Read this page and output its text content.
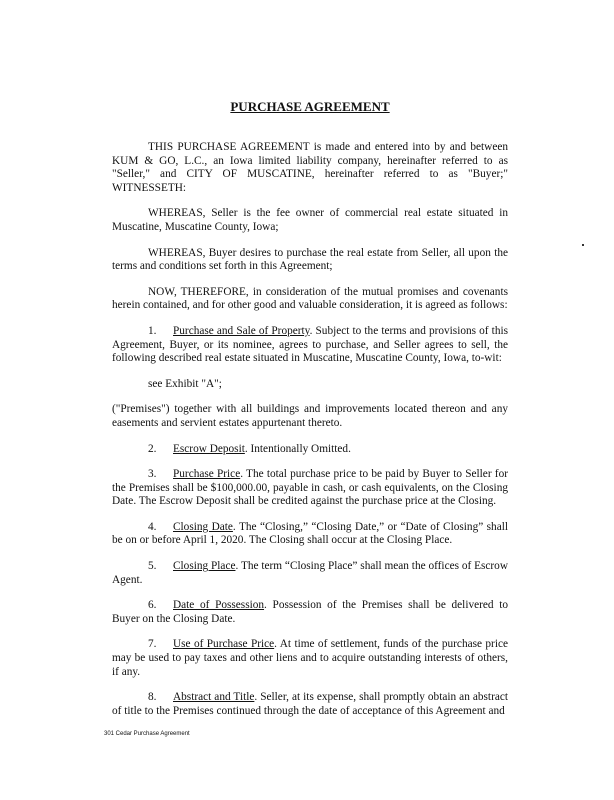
PURCHASE AGREEMENT
THIS PURCHASE AGREEMENT is made and entered into by and between KUM & GO, L.C., an Iowa limited liability company, hereinafter referred to as "Seller," and CITY OF MUSCATINE, hereinafter referred to as "Buyer;" WITNESSETH:
WHEREAS, Seller is the fee owner of commercial real estate situated in Muscatine, Muscatine County, Iowa;
WHEREAS, Buyer desires to purchase the real estate from Seller, all upon the terms and conditions set forth in this Agreement;
NOW, THEREFORE, in consideration of the mutual promises and covenants herein contained, and for other good and valuable consideration, it is agreed as follows:
1. Purchase and Sale of Property. Subject to the terms and provisions of this Agreement, Buyer, or its nominee, agrees to purchase, and Seller agrees to sell, the following described real estate situated in Muscatine, Muscatine County, Iowa, to-wit:
see Exhibit "A";
("Premises") together with all buildings and improvements located thereon and any easements and servient estates appurtenant thereto.
2. Escrow Deposit. Intentionally Omitted.
3. Purchase Price. The total purchase price to be paid by Buyer to Seller for the Premises shall be $100,000.00, payable in cash, or cash equivalents, on the Closing Date. The Escrow Deposit shall be credited against the purchase price at the Closing.
4. Closing Date. The “Closing,” “Closing Date,” or “Date of Closing” shall be on or before April 1, 2020. The Closing shall occur at the Closing Place.
5. Closing Place. The term “Closing Place” shall mean the offices of Escrow Agent.
6. Date of Possession. Possession of the Premises shall be delivered to Buyer on the Closing Date.
7. Use of Purchase Price. At time of settlement, funds of the purchase price may be used to pay taxes and other liens and to acquire outstanding interests of others, if any.
8. Abstract and Title. Seller, at its expense, shall promptly obtain an abstract of title to the Premises continued through the date of acceptance of this Agreement and
301 Cedar Purchase Agreement
